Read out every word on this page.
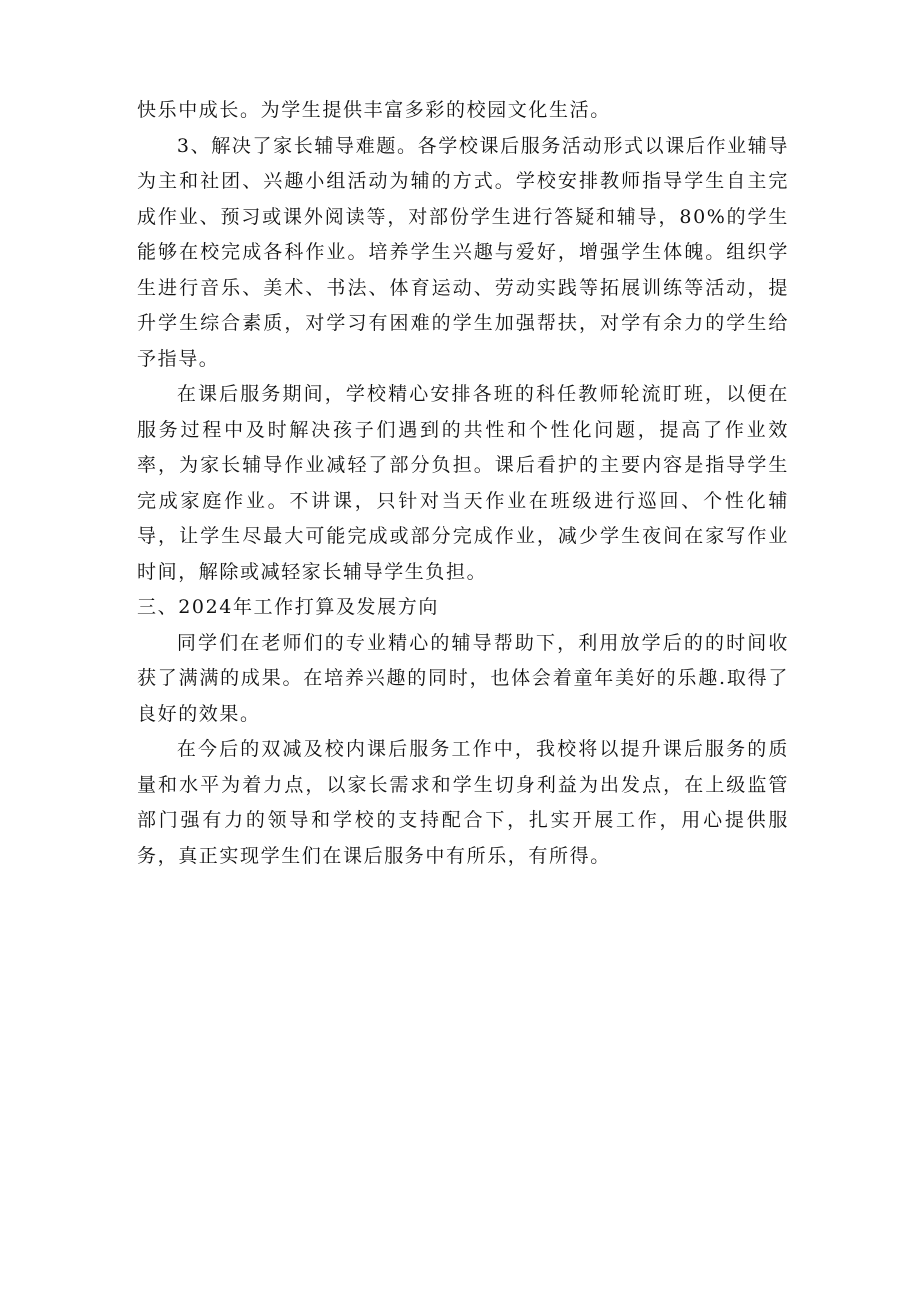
快乐中成长。为学生提供丰富多彩的校园文化生活。

3、解决了家长辅导难题。各学校课后服务活动形式以课后作业辅导为主和社团、兴趣小组活动为辅的方式。学校安排教师指导学生自主完成作业、预习或课外阅读等，对部份学生进行答疑和辅导，80%的学生能够在校完成各科作业。培养学生兴趣与爱好，增强学生体魄。组织学生进行音乐、美术、书法、体育运动、劳动实践等拓展训练等活动，提升学生综合素质，对学习有困难的学生加强帮扶，对学有余力的学生给予指导。

在课后服务期间，学校精心安排各班的科任教师轮流盯班，以便在服务过程中及时解决孩子们遇到的共性和个性化问题，提高了作业效率，为家长辅导作业减轻了部分负担。课后看护的主要内容是指导学生完成家庭作业。不讲课，只针对当天作业在班级进行巡回、个性化辅导，让学生尽最大可能完成或部分完成作业，减少学生夜间在家写作业时间，解除或减轻家长辅导学生负担。

三、2024年工作打算及发展方向

同学们在老师们的专业精心的辅导帮助下，利用放学后的的时间收获了满满的成果。在培养兴趣的同时，也体会着童年美好的乐趣.取得了良好的效果。

在今后的双减及校内课后服务工作中，我校将以提升课后服务的质量和水平为着力点，以家长需求和学生切身利益为出发点，在上级监管部门强有力的领导和学校的支持配合下，扎实开展工作，用心提供服务，真正实现学生们在课后服务中有所乐，有所得。
